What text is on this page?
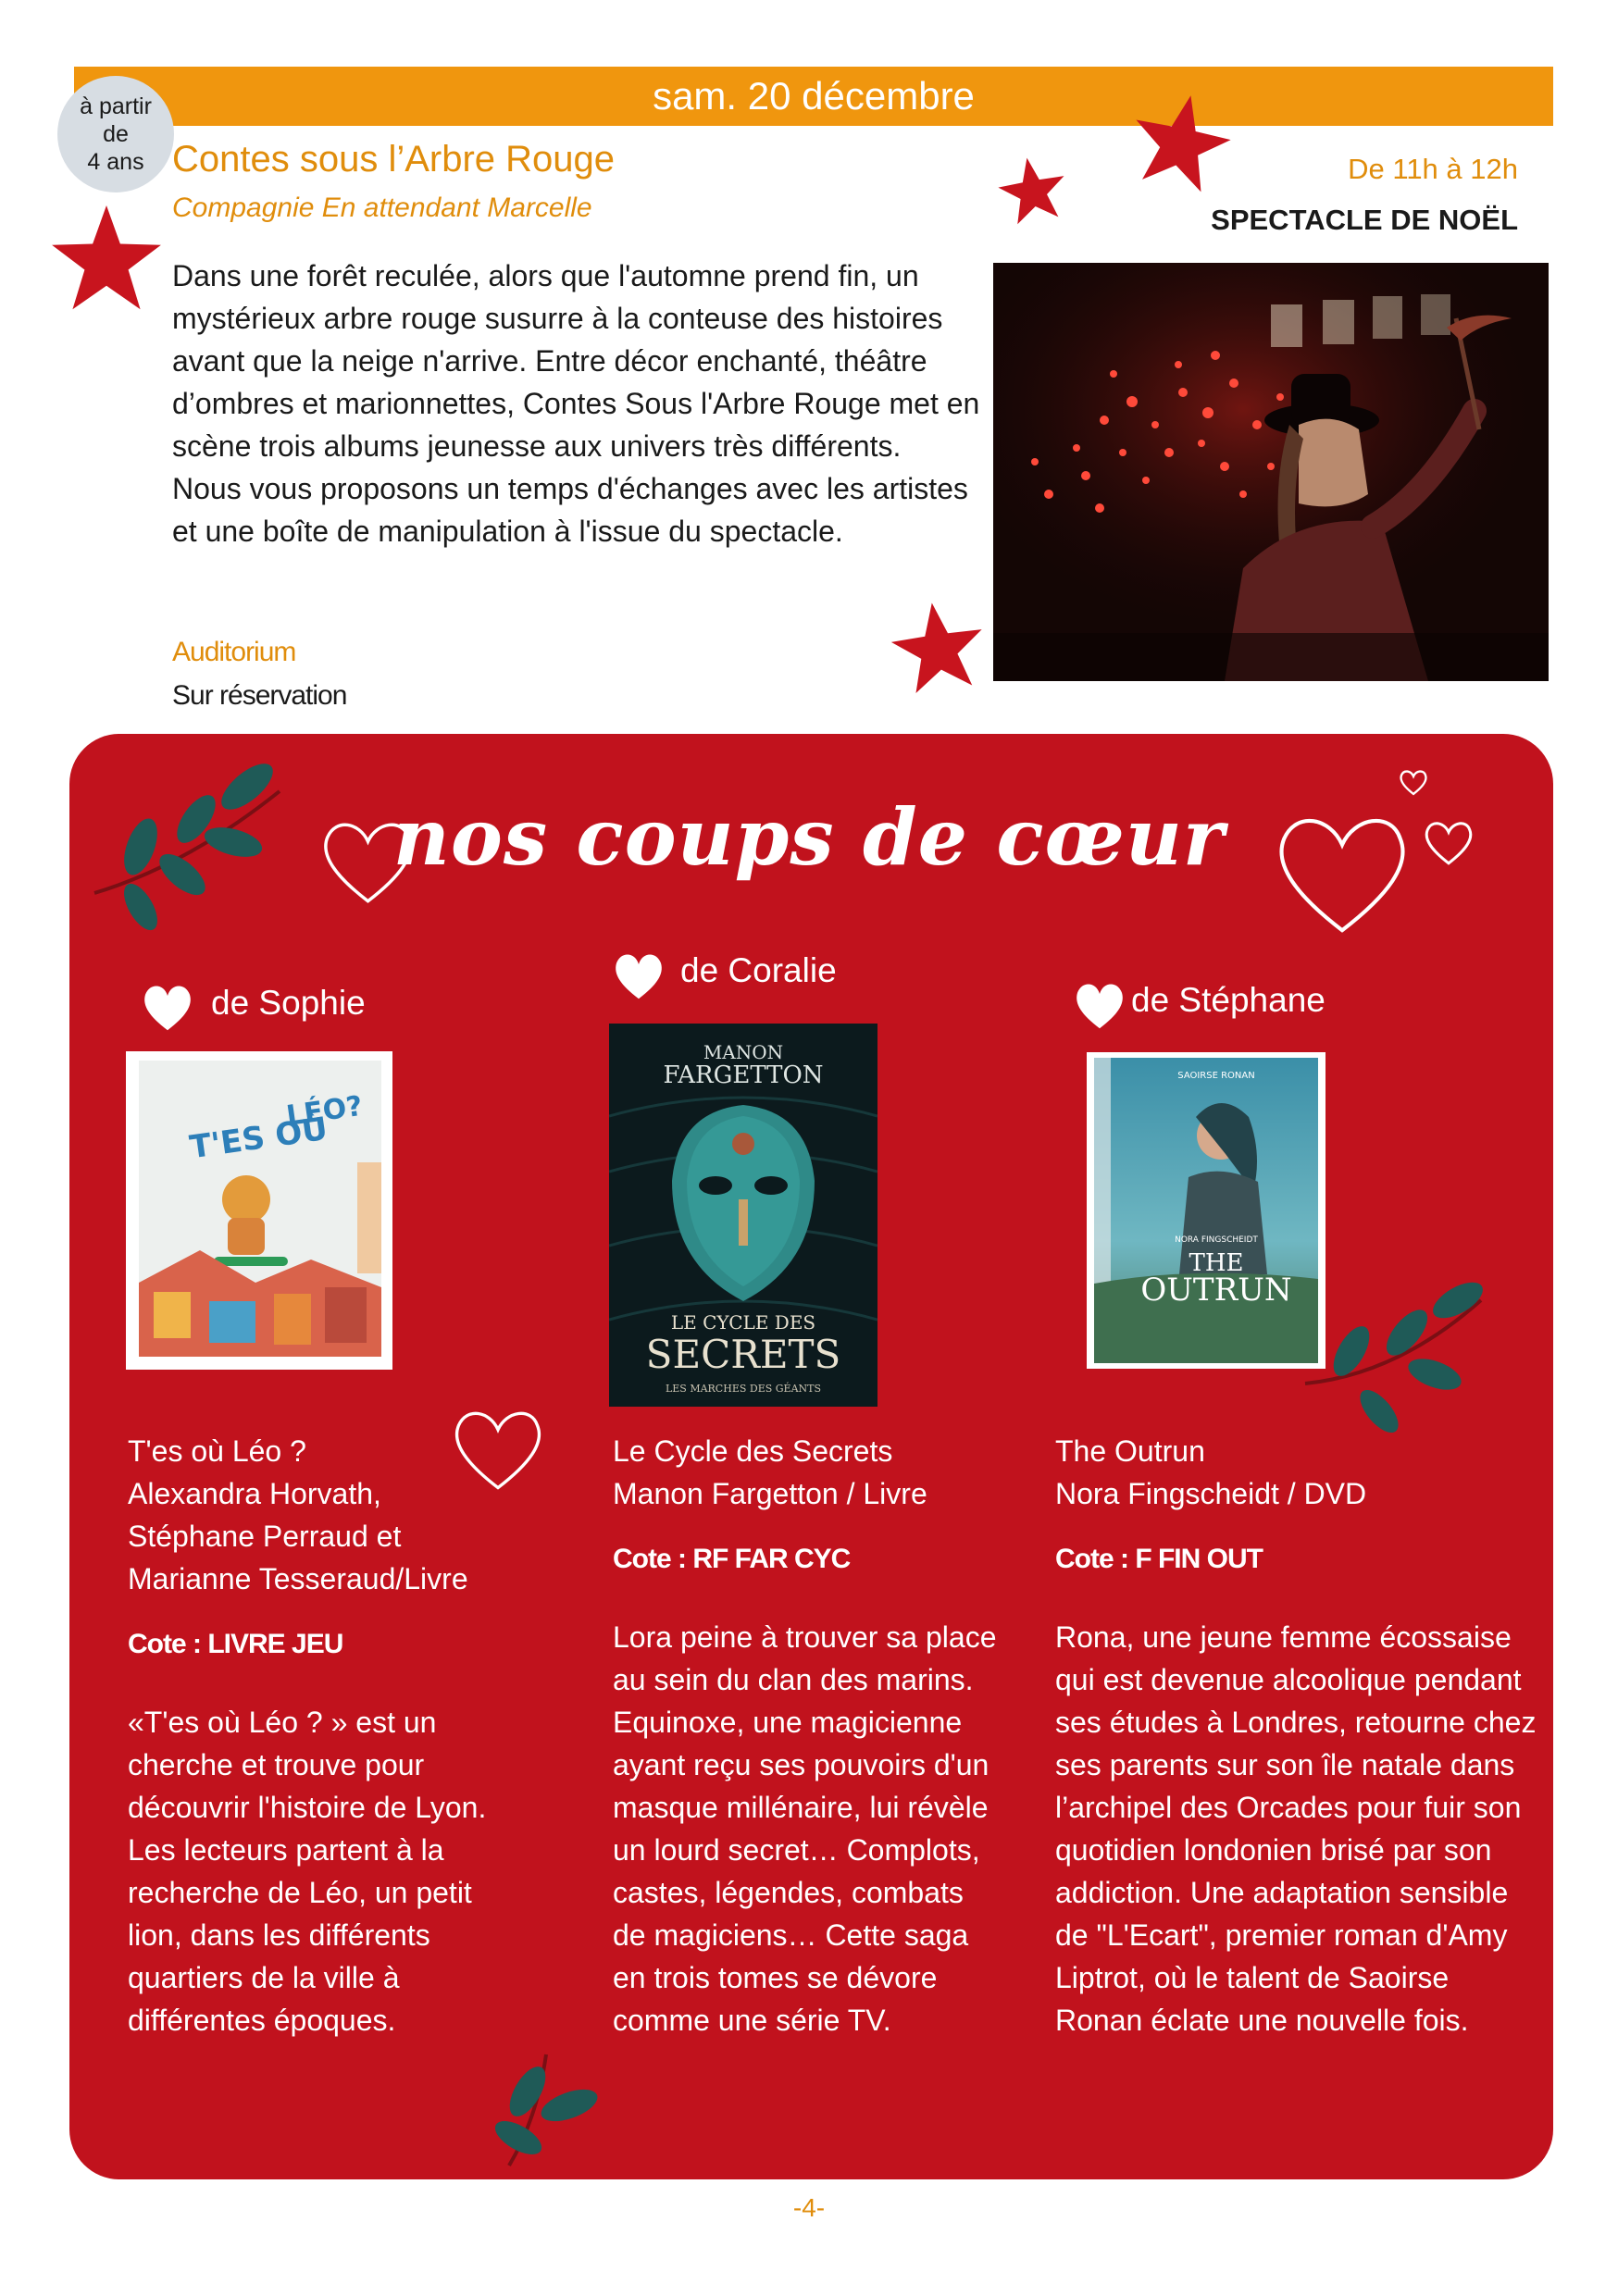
sam. 20 décembre
à partir
de
4 ans Contes sous l’Arbre Rouge
Compagnie En attendant Marcelle
De 11h à 12h
SPECTACLE DE NOËL

Dans une forêt reculée, alors que l'automne prend fin, un mystérieux arbre rouge susurre à la conteuse des histoires avant que la neige n'arrive. Entre décor enchanté, théâtre d’ombres et marionnettes, Contes Sous l'Arbre Rouge met en scène trois albums jeunesse aux univers très différents.

Nous vous proposons un temps d'échanges avec les artistes et une boîte de manipulation à l'issue du spectacle.

Auditorium
Sur réservation
nos coups de cœur
de Sophie
T'ES OÙ
LÉO?

T'es où Léo ?

Alexandra Horvath,

Stéphane Perraud et

Marianne Tesseraud/Livre

Cote : LIVRE JEU
«T'es où Léo ? » est un cherche et trouve pour découvrir l'histoire de Lyon. Les lecteurs partent à la recherche de Léo, un petit lion, dans les différents quartiers de la ville à différentes époques.
de Coralie
MANON
FARGETTON
LE CYCLE DES
SECRETS
LES MARCHES DES GÉANTS

Le Cycle des Secrets

Manon Fargetton / Livre

Cote : RF FAR CYC
Lora peine à trouver sa place au sein du clan des marins. Equinoxe, une magicienne ayant reçu ses pouvoirs d'un masque millénaire, lui révèle un lourd secret… Complots, castes, légendes, combats de magiciens… Cette saga en trois tomes se dévore comme une série TV.
de Stéphane
SAOIRSE RONAN
NORA FINGSCHEIDT
THE
OUTRUN

The Outrun

Nora Fingscheidt / DVD

Cote : F FIN OUT
Rona, une jeune femme écossaise qui est devenue alcoolique pendant ses études à Londres, retourne chez ses parents sur son île natale dans l’archipel des Orcades pour fuir son quotidien londonien brisé par son addiction. Une adaptation sensible de "L'Ecart", premier roman d'Amy Liptrot, où le talent de Saoirse Ronan éclate une nouvelle fois.
-4-
